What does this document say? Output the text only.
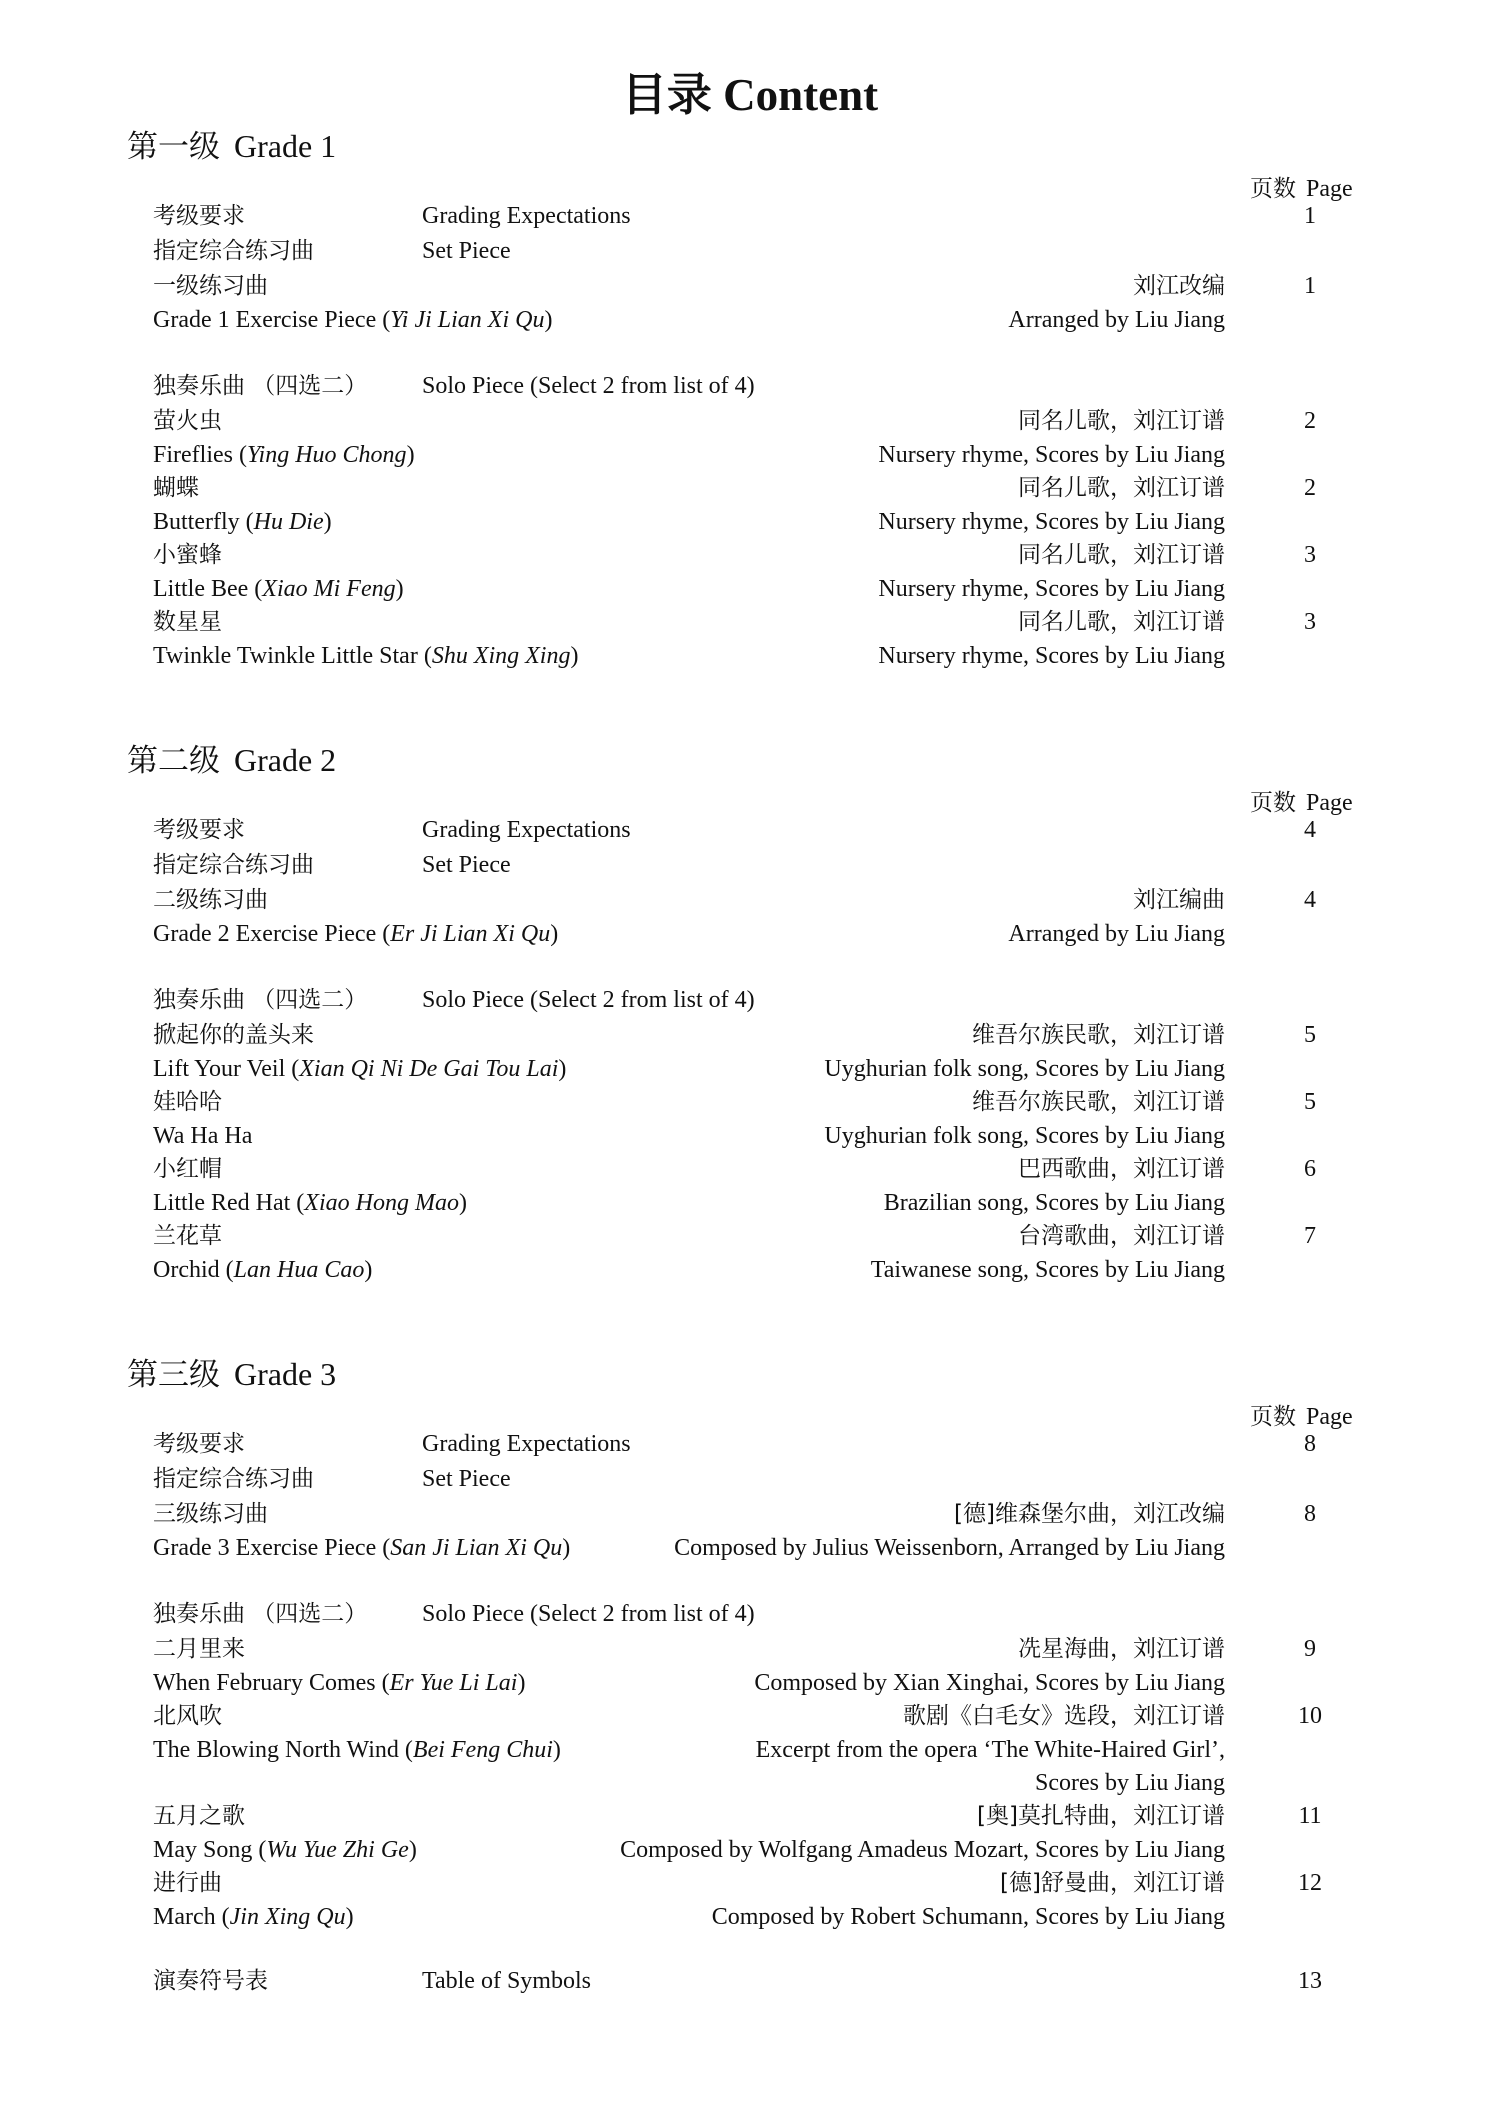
目录 Content
第一级 Grade 1
页数 Page
考级要求	Grading Expectations	1
指定综合练习曲	Set Piece
一级练习曲	刘江改编	1
Grade 1 Exercise Piece (Yi Ji Lian Xi Qu)	Arranged by Liu Jiang
独奏乐曲 （四选二） Solo Piece (Select 2 from list of 4)
萤火虫	同名儿歌，刘江订谱	2
Fireflies (Ying Huo Chong)	Nursery rhyme, Scores by Liu Jiang
蝴蝶	同名儿歌，刘江订谱	2
Butterfly (Hu Die)	Nursery rhyme, Scores by Liu Jiang
小蜜蜂	同名儿歌，刘江订谱	3
Little Bee (Xiao Mi Feng)	Nursery rhyme, Scores by Liu Jiang
数星星	同名儿歌，刘江订谱	3
Twinkle Twinkle Little Star (Shu Xing Xing)	Nursery rhyme, Scores by Liu Jiang
第二级 Grade 2
页数 Page
考级要求	Grading Expectations	4
指定综合练习曲	Set Piece
二级练习曲	刘江编曲	4
Grade 2 Exercise Piece (Er Ji Lian Xi Qu)	Arranged by Liu Jiang
独奏乐曲 （四选二） Solo Piece (Select 2 from list of 4)
掀起你的盖头来	维吾尔族民歌，刘江订谱	5
Lift Your Veil (Xian Qi Ni De Gai Tou Lai)	Uyghurian folk song, Scores by Liu Jiang
娃哈哈	维吾尔族民歌，刘江订谱	5
Wa Ha Ha	Uyghurian folk song, Scores by Liu Jiang
小红帽	巴西歌曲，刘江订谱	6
Little Red Hat (Xiao Hong Mao)	Brazilian song, Scores by Liu Jiang
兰花草	台湾歌曲，刘江订谱	7
Orchid (Lan Hua Cao)	Taiwanese song, Scores by Liu Jiang
第三级 Grade 3
页数 Page
考级要求	Grading Expectations	8
指定综合练习曲	Set Piece
三级练习曲	[德]维森堡尔曲，刘江改编	8
Grade 3 Exercise Piece (San Ji Lian Xi Qu)	Composed by Julius Weissenborn, Arranged by Liu Jiang
独奏乐曲 （四选二） Solo Piece (Select 2 from list of 4)
二月里来	冼星海曲，刘江订谱	9
When February Comes (Er Yue Li Lai)	Composed by Xian Xinghai, Scores by Liu Jiang
北风吹	歌剧《白毛女》选段，刘江订谱	10
The Blowing North Wind (Bei Feng Chui)	Excerpt from the opera ‘The White-Haired Girl’,
Scores by Liu Jiang
五月之歌	[奥]莫扎特曲，刘江订谱	11
May Song (Wu Yue Zhi Ge)	Composed by Wolfgang Amadeus Mozart, Scores by Liu Jiang
进行曲	[德]舒曼曲，刘江订谱	12
March (Jin Xing Qu)	Composed by Robert Schumann, Scores by Liu Jiang
演奏符号表	Table of Symbols	13
